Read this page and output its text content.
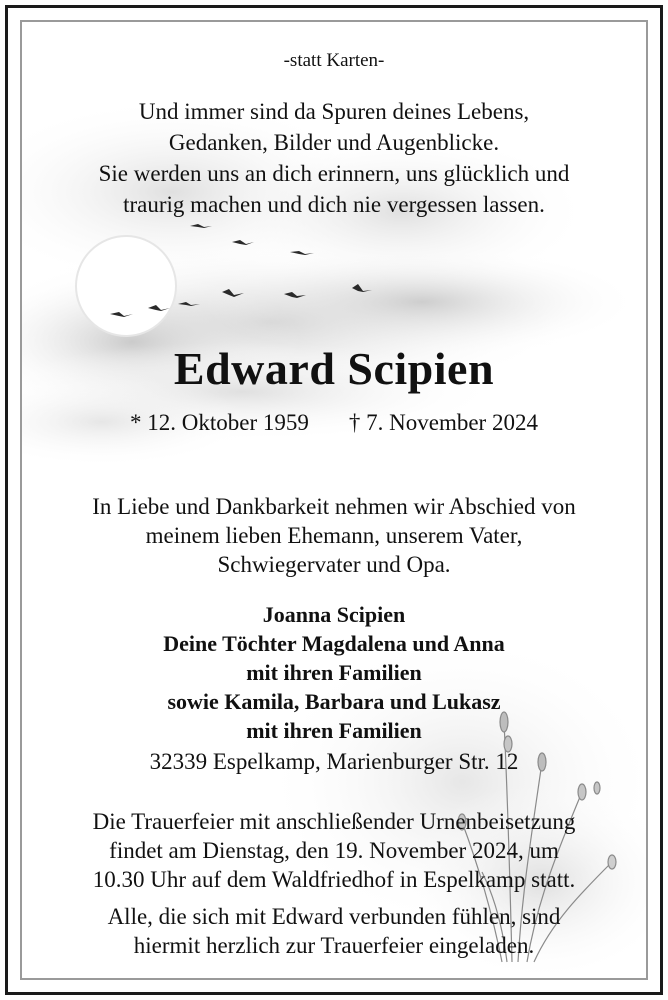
-statt Karten-
Und immer sind da Spuren deines Lebens,
Gedanken, Bilder und Augenblicke.
Sie werden uns an dich erinnern, uns glücklich und
traurig machen und dich nie vergessen lassen.
Edward Scipien
* 12. Oktober 1959 † 7. November 2024
In Liebe und Dankbarkeit nehmen wir Abschied von
meinem lieben Ehemann, unserem Vater,
Schwiegervater und Opa.
Joanna Scipien
Deine Töchter Magdalena und Anna
mit ihren Familien
sowie Kamila, Barbara und Lukasz
mit ihren Familien
32339 Espelkamp, Marienburger Str. 12
Die Trauerfeier mit anschließender Urnenbeisetzung
findet am Dienstag, den 19. November 2024, um
10.30 Uhr auf dem Waldfriedhof in Espelkamp statt.
Alle, die sich mit Edward verbunden fühlen, sind
hiermit herzlich zur Trauerfeier eingeladen.
